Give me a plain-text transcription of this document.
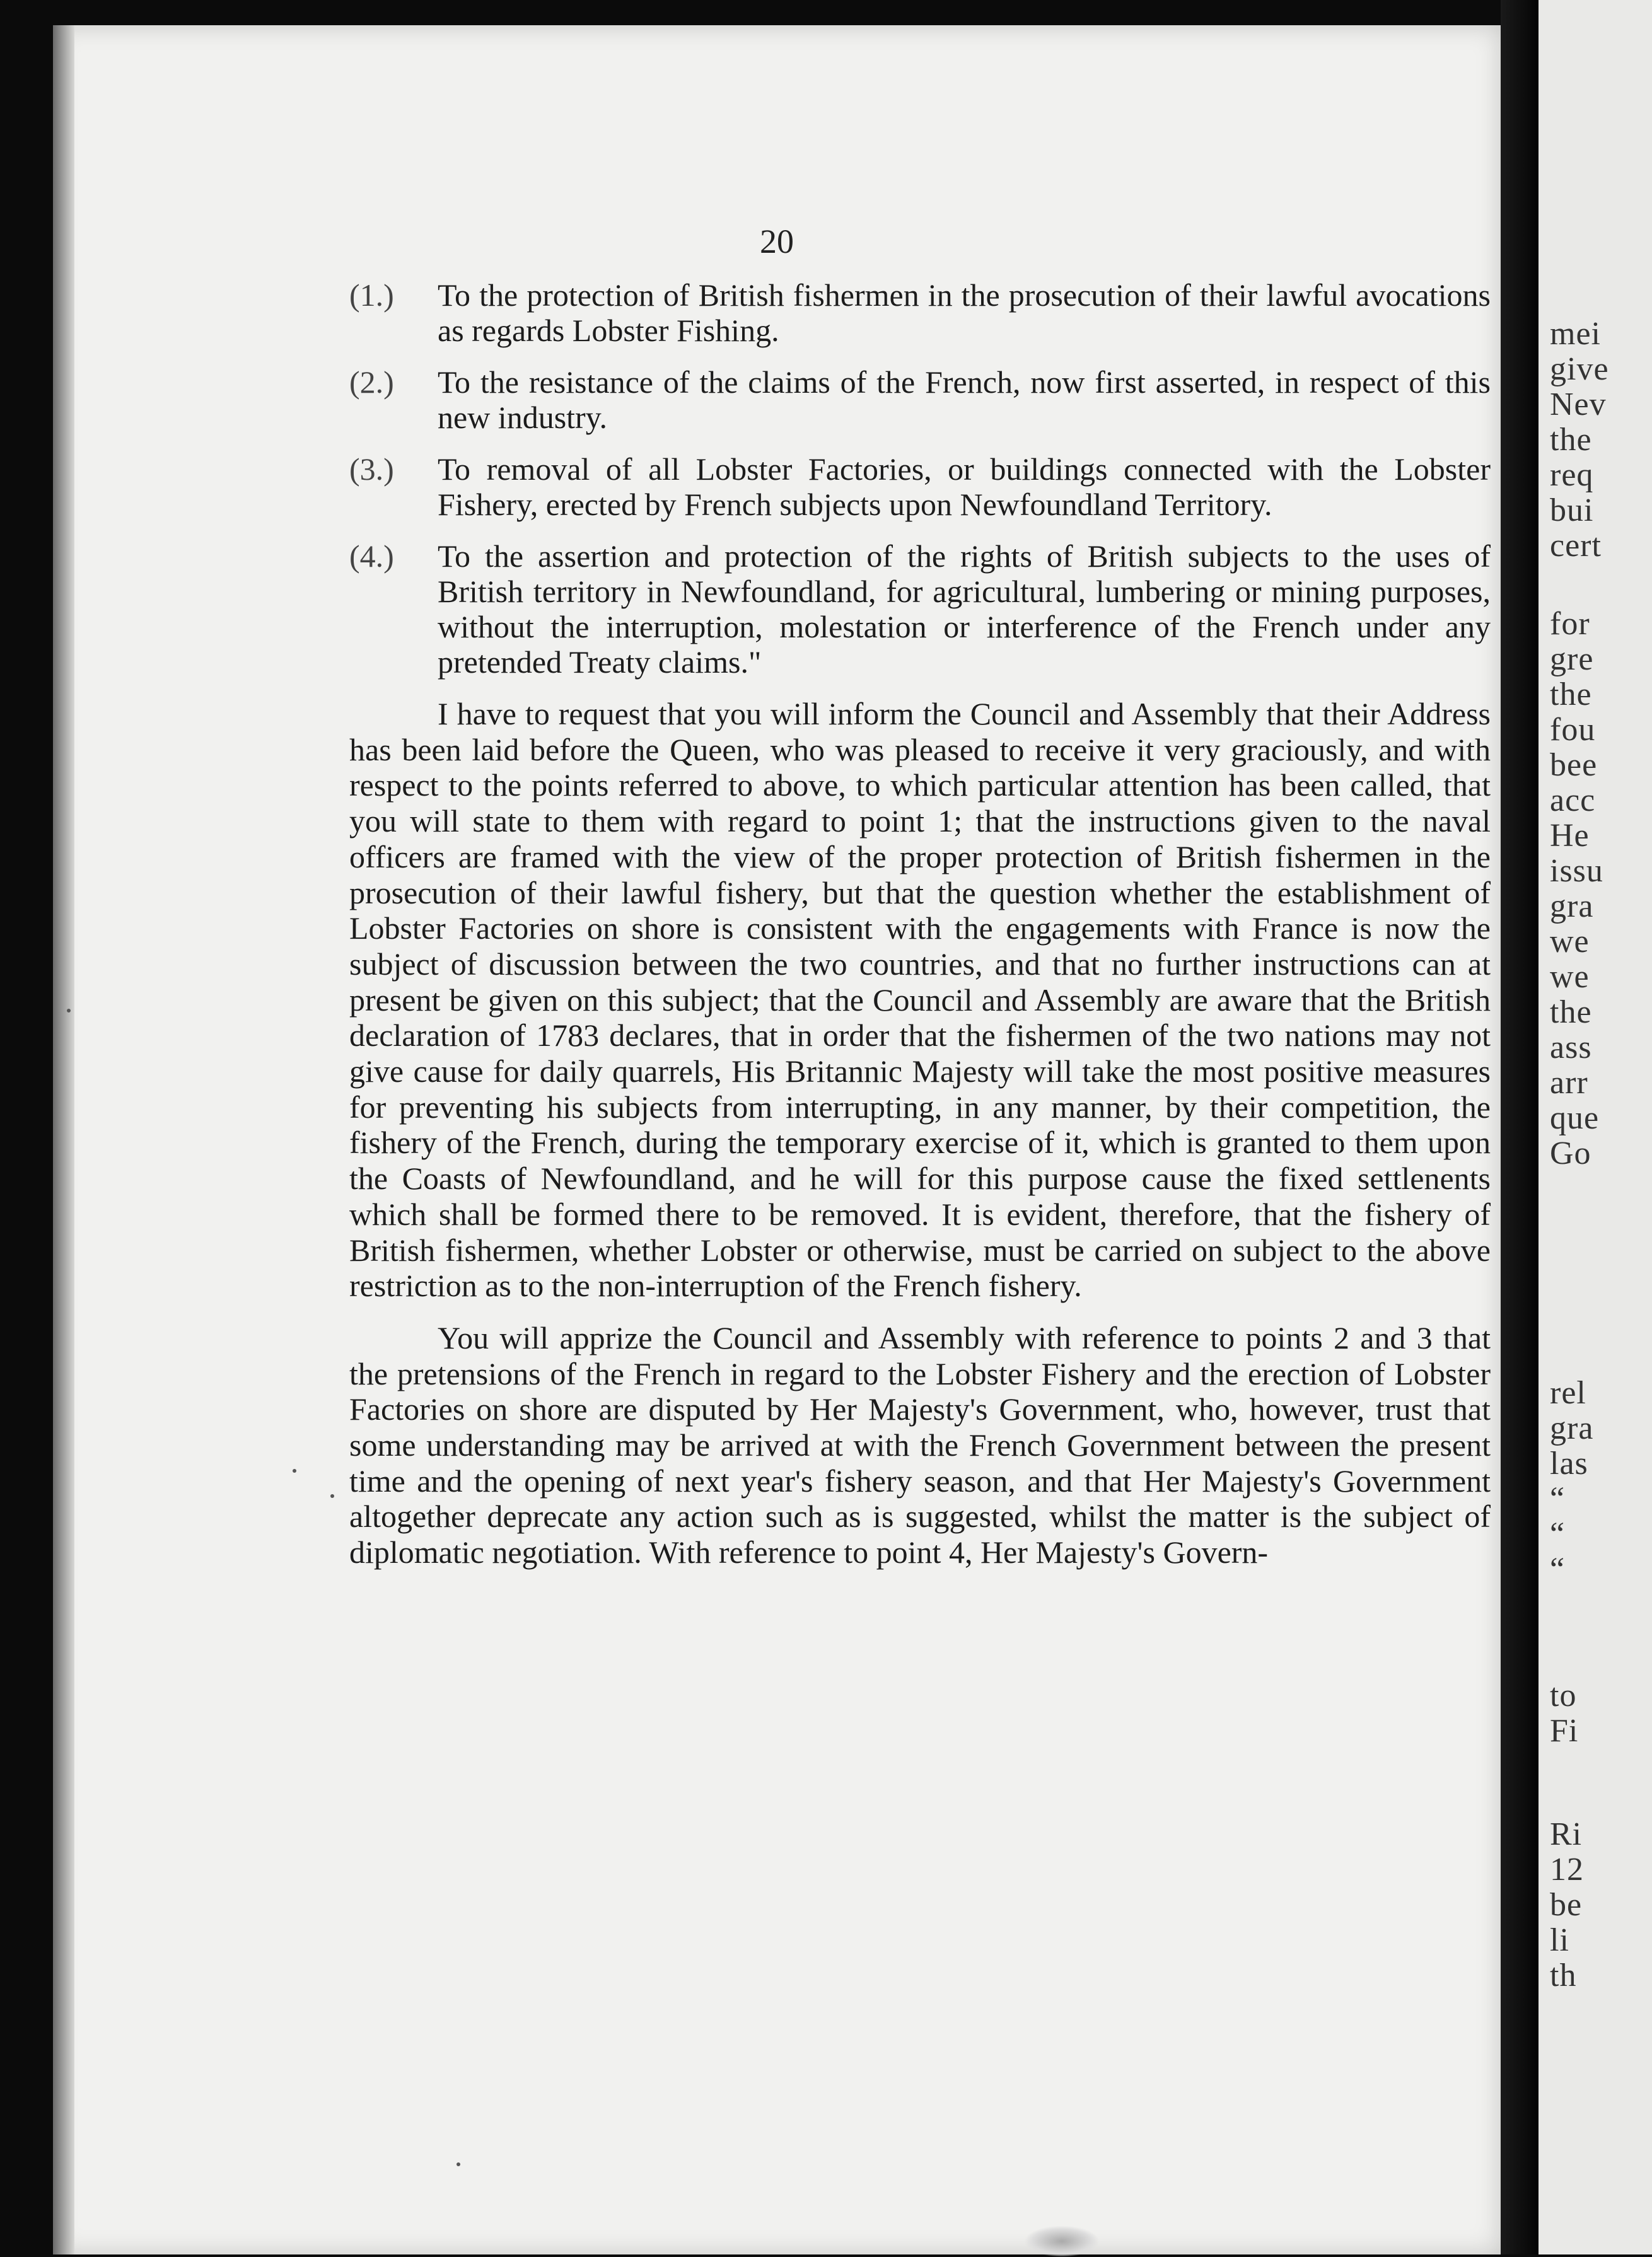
20
(1.)	To the protection of British fishermen in the prosecution of their lawful avocations as regards Lobster Fishing.
(2.)	To the resistance of the claims of the French, now first asserted, in respect of this new industry.
(3.)	To removal of all Lobster Factories, or buildings connected with the Lobster Fishery, erected by French subjects upon Newfoundland Territory.
(4.)	To the assertion and protection of the rights of British subjects to the uses of British territory in Newfoundland, for agricultural, lumbering or mining purposes, without the interruption, molestation or interference of the French under any pretended Treaty claims."

I have to request that you will inform the Council and Assembly that their Address has been laid before the Queen, who was pleased to receive it very graciously, and with respect to the points referred to above, to which particular attention has been called, that you will state to them with regard to point 1; that the instructions given to the naval officers are framed with the view of the proper protection of British fishermen in the prosecution of their lawful fishery, but that the question whether the establishment of Lobster Factories on shore is consistent with the engagements with France is now the subject of discussion between the two countries, and that no further instructions can at present be given on this subject; that the Council and Assembly are aware that the British declaration of 1783 declares, that in order that the fishermen of the two nations may not give cause for daily quarrels, His Britannic Majesty will take the most positive measures for preventing his subjects from interrupting, in any manner, by their competition, the fishery of the French, during the temporary exercise of it, which is granted to them upon the Coasts of Newfoundland, and he will for this purpose cause the fixed settlenents which shall be formed there to be removed. It is evident, therefore, that the fishery of British fishermen, whether Lobster or otherwise, must be carried on subject to the above restriction as to the non-interruption of the French fishery.

You will apprize the Council and Assembly with reference to points 2 and 3 that the pretensions of the French in regard to the Lobster Fishery and the erection of Lobster Factories on shore are disputed by Her Majesty's Government, who, however, trust that some understanding may be arrived at with the French Government between the present time and the opening of next year's fishery season, and that Her Majesty's Government altogether deprecate any action such as is suggested, whilst the matter is the subject of diplomatic negotiation. With reference to point 4, Her Majesty's Govern-

mei
give
Nev
the
req
bui
cert
for
gre
the
fou
bee
acc
He
issu
gra
we
we
the
ass
arr
que
Go
rel
gra
las
“
“
“
to
Fi
Ri
12
be
li
th
